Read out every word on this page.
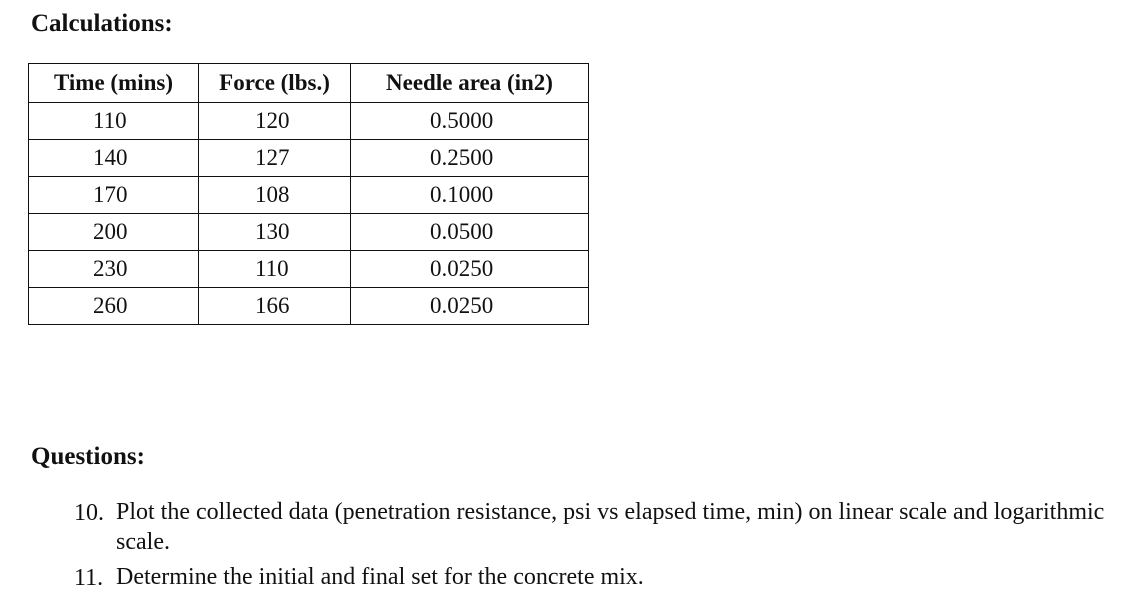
Calculations:
Time (mins)	Force (lbs.)	Needle area (in2)
110	120	0.5000
140	127	0.2500
170	108	0.1000
200	130	0.0500
230	110	0.0250
260	166	0.0250
Questions:
10. Plot the collected data (penetration resistance, psi vs elapsed time, min) on linear scale and logarithmic scale.
11. Determine the initial and final set for the concrete mix.
